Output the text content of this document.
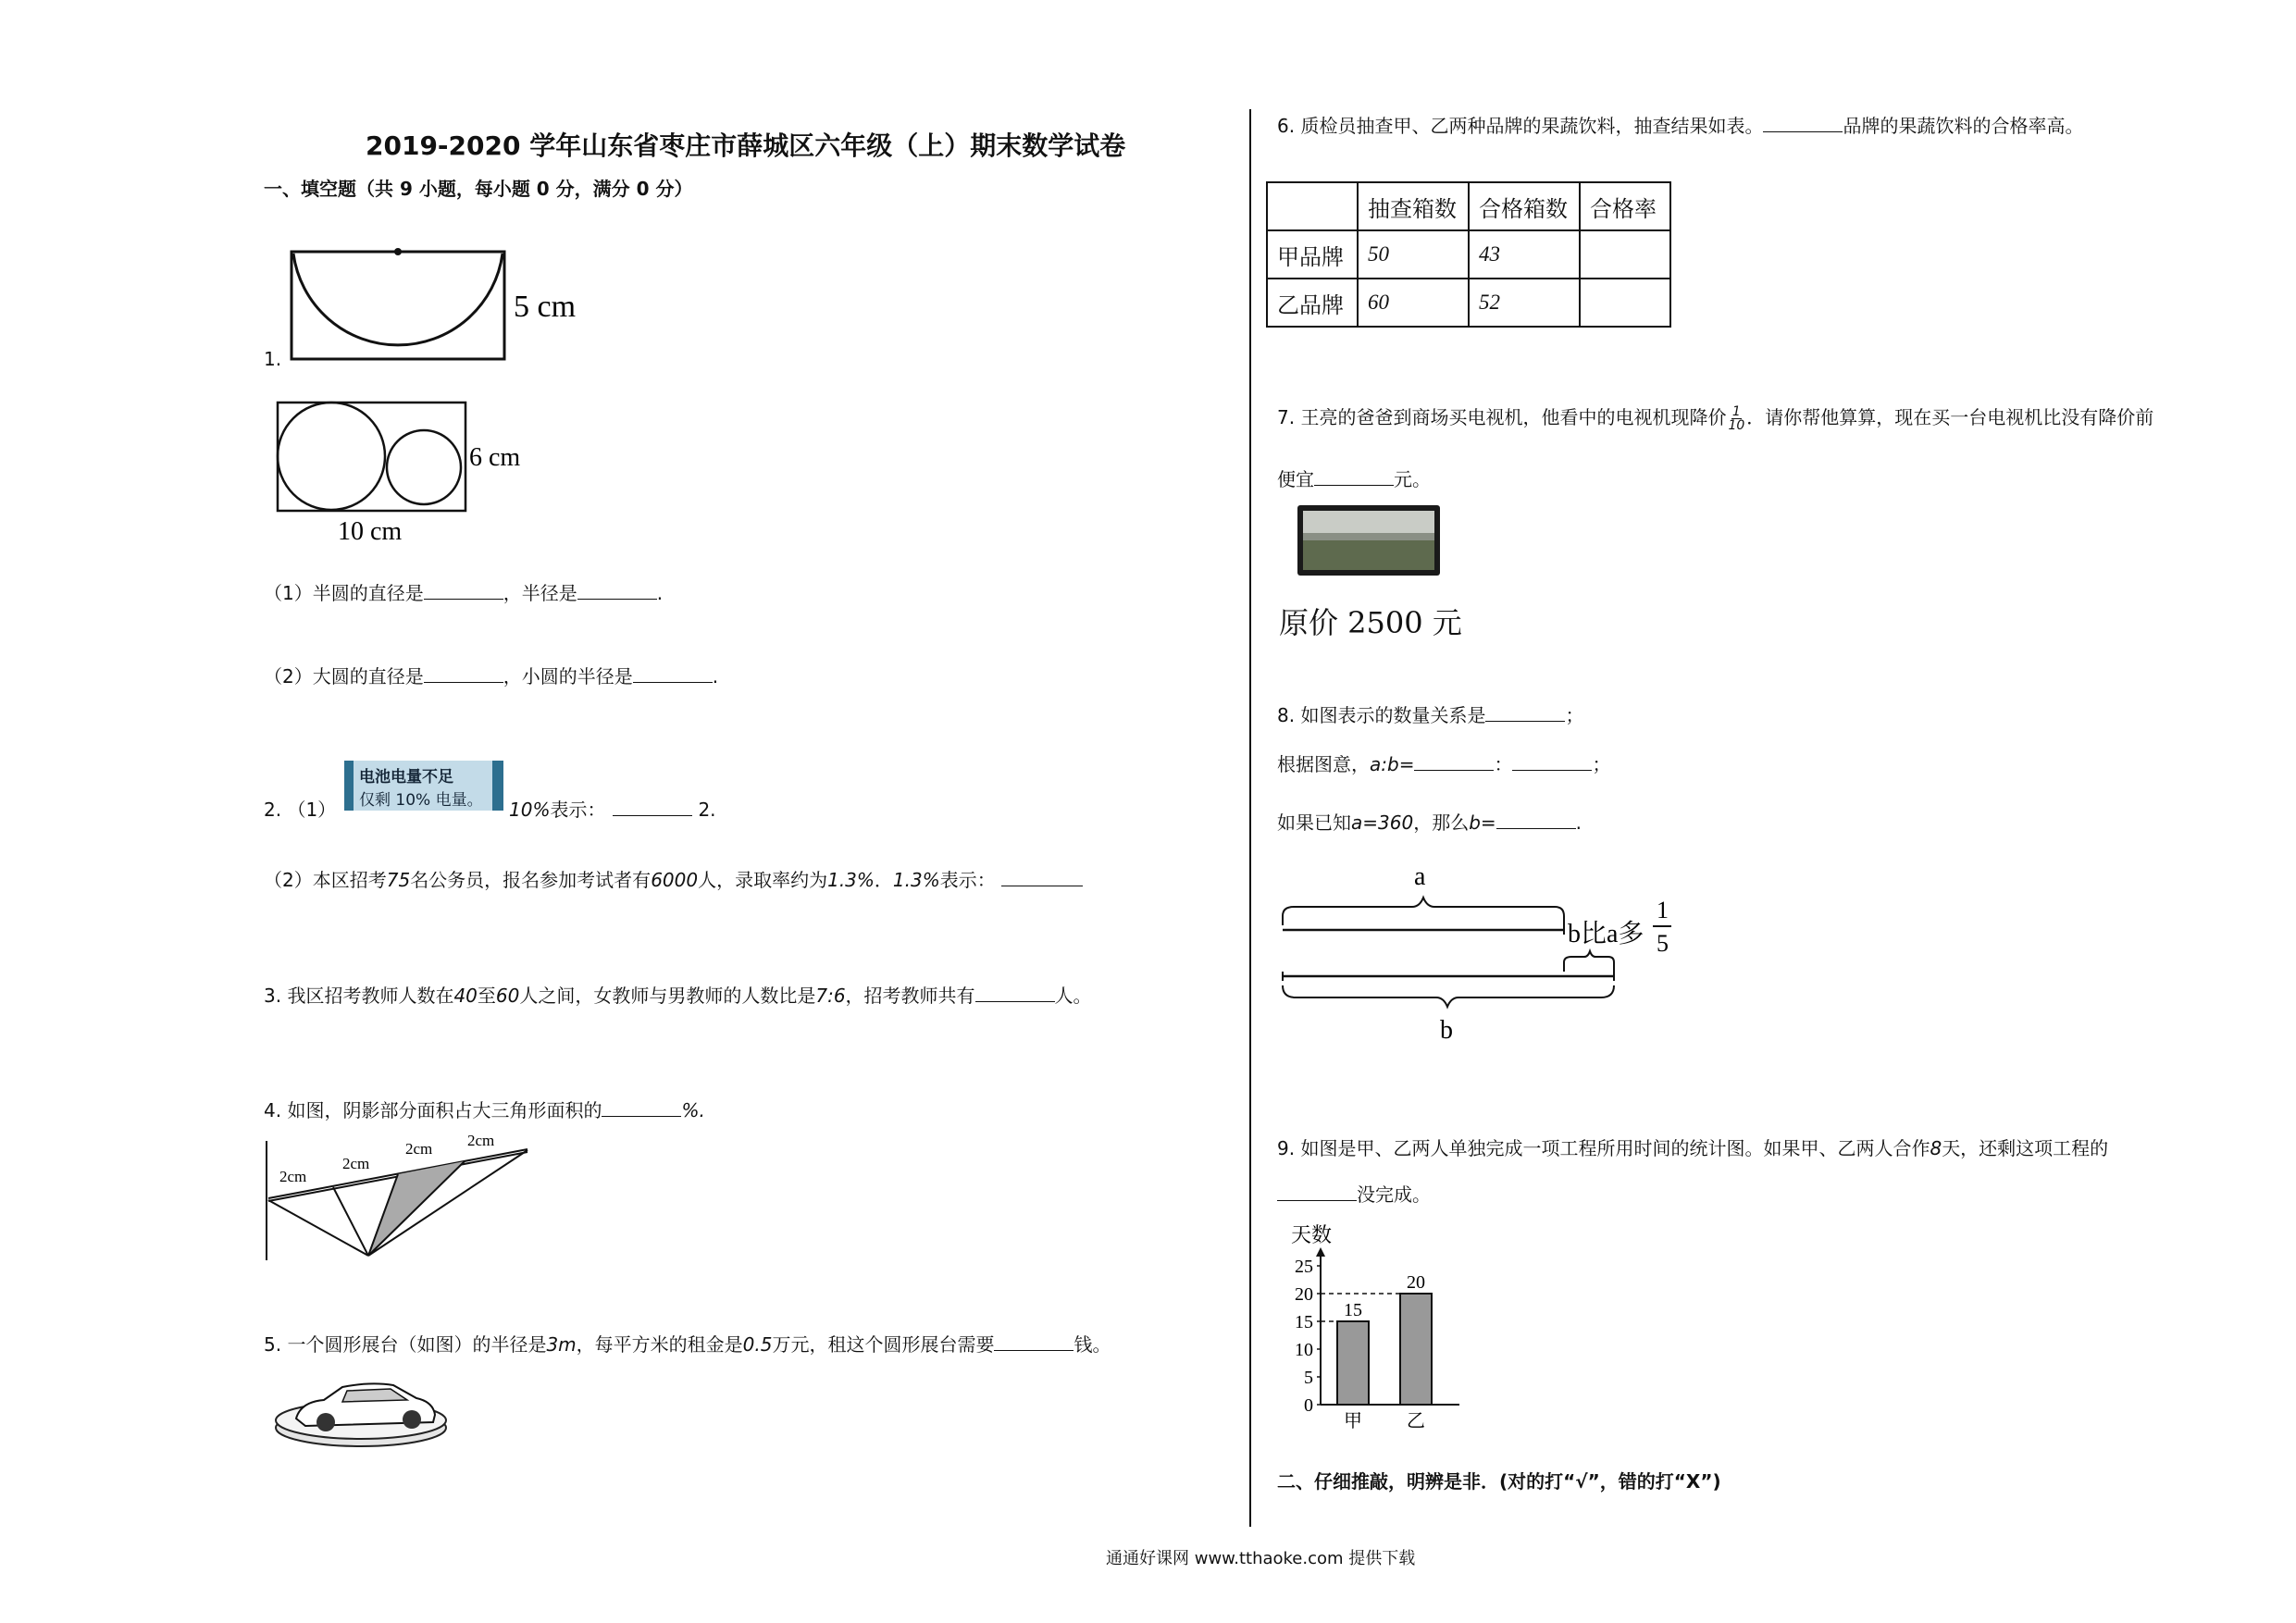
2019-2020 学年山东省枣庄市薛城区六年级（上）期末数学试卷
一、填空题（共 9 小题，每小题 0 分，满分 0 分）
5 cm
1.
6 cm
10 cm
（1）半圆的直径是	，半径是	.
（2）大圆的直径是	，小圆的半径是	.
电池电量不足
仅剩 10% 电量。
2. （1）	10%表示：	2.
（2）本区招考75名公务员，报名参加考试者有6000人，录取率约为1.3%．1.3%表示：
3. 我区招考教师人数在40至60人之间，女教师与男教师的人数比是7:6，招考教师共有	人。
4. 如图，阴影部分面积占大三角形面积的	%.
2cm
2cm
2cm 2cm
5. 一个圆形展台（如图）的半径是3m，每平方米的租金是0.5万元，租这个圆形展台需要	钱。
6. 质检员抽查甲、乙两种品牌的果蔬饮料，抽查结果如表。	品牌的果蔬饮料的合格率高。
	抽查箱数	合格箱数	合格率
甲品牌	50	43	
乙品牌	60	52	
7. 王亮的爸爸到商场买电视机，他看中的电视机现降价 $\frac{1}{10}$ ．请你帮他算算，现在买一台电视机比没有降价前
便宜	元。
原价 2500 元
8. 如图表示的数量关系是	；
根据图意，a:b=	：	；
如果已知a=360，那么b=	.
a
b比a多
1
5
b
9. 如图是甲、乙两人单独完成一项工程所用时间的统计图。如果甲、乙两人合作8天，还剩这项工程的
没完成。
天数
0
5
10
15
20
25
15
甲
20
乙
二、仔细推敲，明辨是非．(对的打“√”，错的打“X”)
通通好课网 www.tthaoke.com 提供下载
